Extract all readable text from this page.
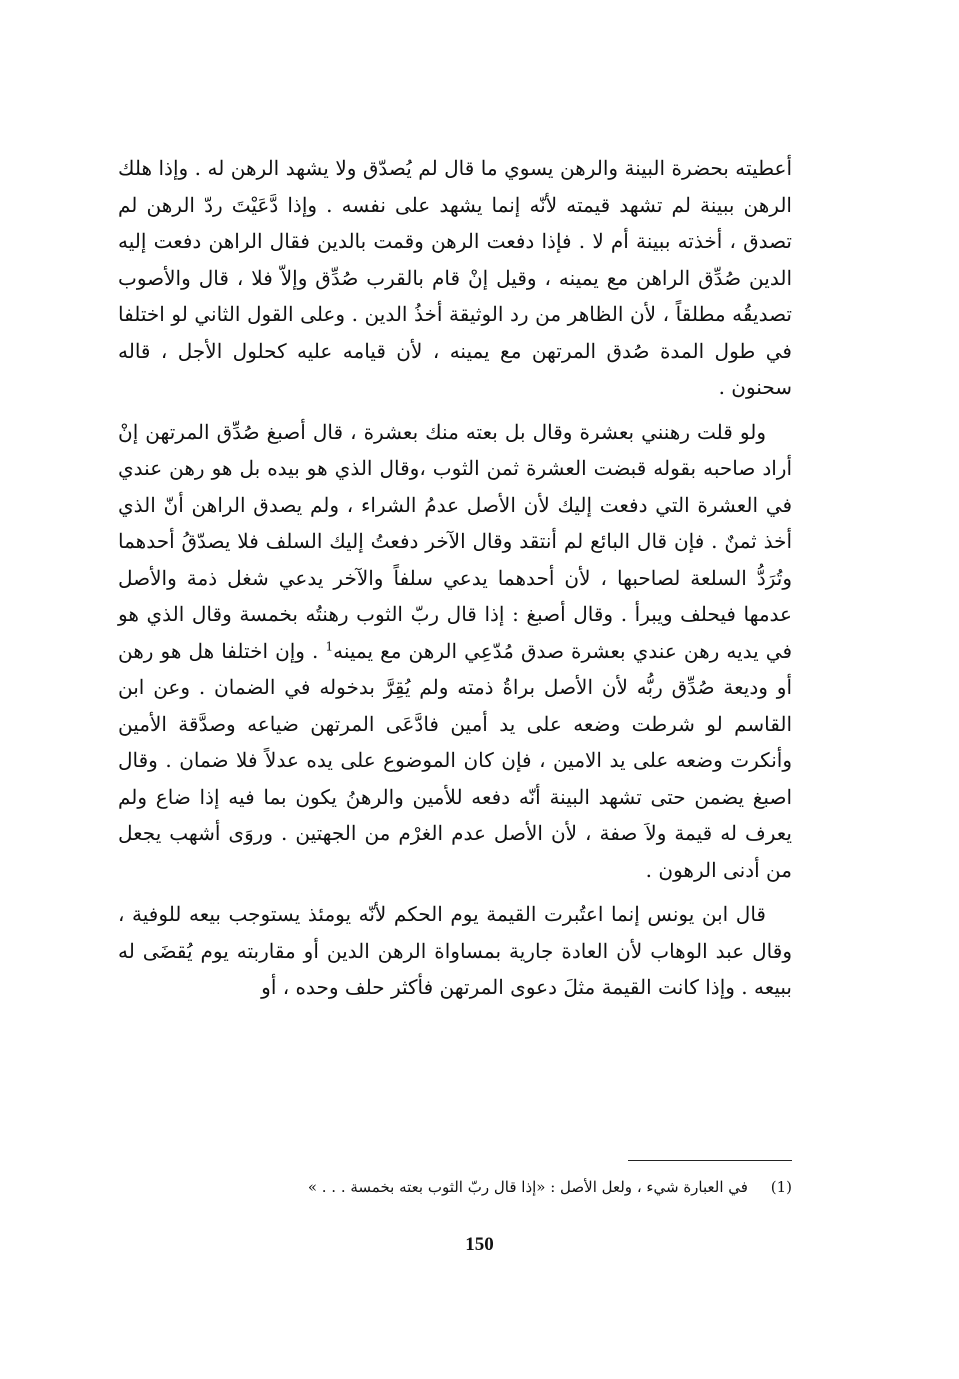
أعطيته بحضرة البينة والرهن يسوي ما قال لم يُصدّق ولا يشهد الرهن له . وإذا هلك الرهن ببينة لم تشهد قيمته لأنّه إنما يشهد على نفسه . وإذا دَّعَيْتَ ردّ الرهن لم تصدق ، أخذته ببينة أم لا . فإذا دفعت الرهن وقمت بالدين فقال الراهن دفعت إليه الدين صُدِّق الراهن مع يمينه ، وقيل إنْ قام بالقرب صُدِّق وإلاّ فلا ، قال والأصوب تصديقُه مطلقاً ، لأن الظاهر من رد الوثيقة أخذُ الدين . وعلى القول الثاني لو اختلفا في طول المدة صُدق المرتهن مع يمينه ، لأن قيامه عليه كحلول الأجل ، قاله سحنون .

ولو قلت رهنني بعشرة وقال بل بعته منك بعشرة ، قال أصبغ صُدِّق المرتهن إنْ أراد صاحبه بقوله قبضت العشرة ثمن الثوب ،وقال الذي هو بيده بل هو رهن عندي في العشرة التي دفعت إليك لأن الأصل عدمُ الشراء ، ولم يصدق الراهن أنّ الذي أخذ ثمنٌ . فإن قال البائع لم أنتقد وقال الآخر دفعتُ إليك السلف فلا يصدّقُ أحدهما وتُرَدُّ السلعة لصاحبها ، لأن أحدهما يدعي سلفاً والآخر يدعي شغل ذمة والأصل عدمها فيحلف ويبرأ . وقال أصبغ : إذا قال ربّ الثوب رهنتُه بخمسة وقال الذي هو في يديه رهن عندي بعشرة صدق مُدّعِي الرهن مع يمينه$^1$ . وإن اختلفا هل هو رهن أو وديعة صُدِّق ربُّه لأن الأصل براةُ ذمته ولم يُقِرَّ بدخوله في الضمان . وعن ابن القاسم لو شرطت وضعه على يد أمين فادَّعَى المرتهن ضياعه وصدَّقة الأمين وأنكرت وضعه على يد الامين ، فإن كان الموضوع على يده عدلاً فلا ضمان . وقال اصبغ يضمن حتى تشهد البينة أنّه دفعه للأمين والرهنُ يكون بما فيه إذا ضاع ولم يعرف له قيمة ولاَ صفة ، لأن الأصل عدم الغرْم من الجهتين . وروَى أشهب يجعل من أدنى الرهون .

قال ابن يونس إنما اعتُبرت القيمة يوم الحكم لأنّه يومئذ يستوجب بيعه للوفية ، وقال عبد الوهاب لأن العادة جارية بمساواة الرهن الدين أو مقاربته يوم يُقضَى له ببيعه . وإذا كانت القيمة مثلَ دعوى المرتهن فأكثر حلف وحده ، أو

(1) في العبارة شيء ، ولعل الأصل : «إذا قال ربّ الثوب بعته بخمسة . . . »
150
